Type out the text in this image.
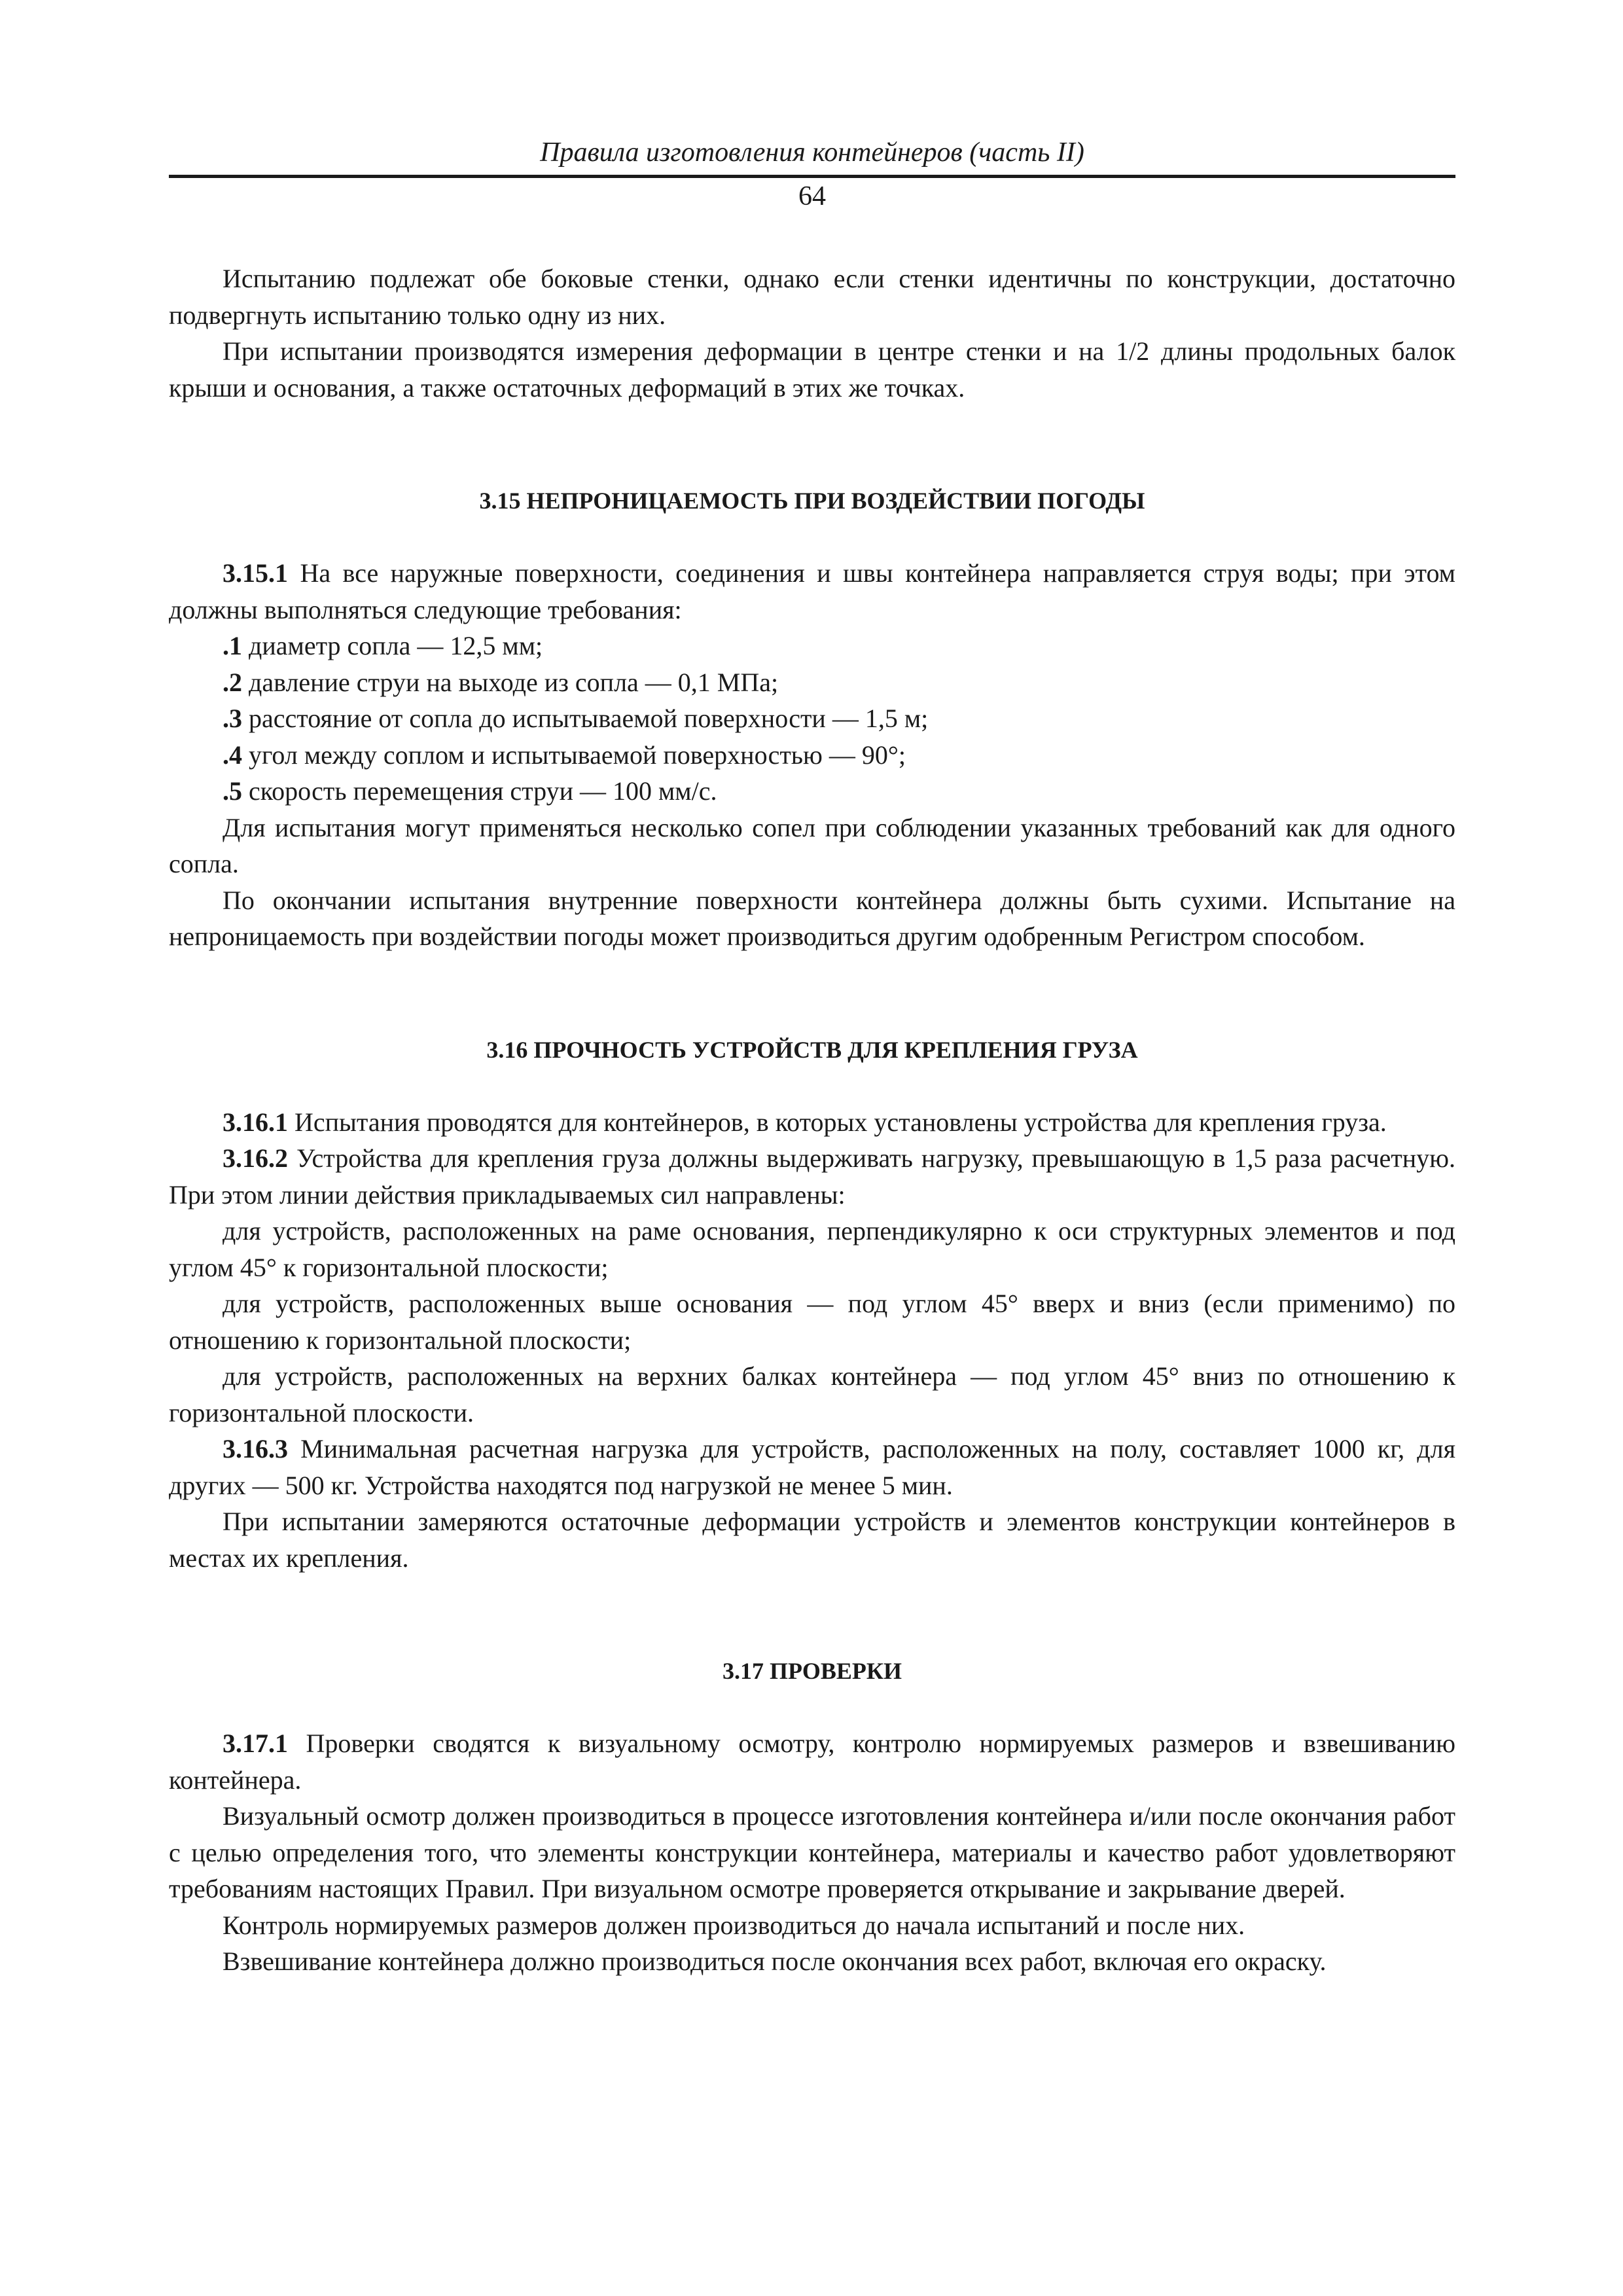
Правила изготовления контейнеров (часть II)
64

Испытанию подлежат обе боковые стенки, однако если стенки идентичны по конструкции, достаточно подвергнуть испытанию только одну из них.

При испытании производятся измерения деформации в центре стенки и на 1/2 длины продольных балок крыши и основания, а также остаточных деформаций в этих же точках.

3.15 НЕПРОНИЦАЕМОСТЬ ПРИ ВОЗДЕЙСТВИИ ПОГОДЫ

3.15.1 На все наружные поверхности, соединения и швы контейнера направляется струя воды; при этом должны выполняться следующие требования:

.1 диаметр сопла — 12,5 мм;

.2 давление струи на выходе из сопла — 0,1 МПа;

.3 расстояние от сопла до испытываемой поверхности — 1,5 м;

.4 угол между соплом и испытываемой поверхностью — 90°;

.5 скорость перемещения струи — 100 мм/с.

Для испытания могут применяться несколько сопел при соблюдении указанных требований как для одного сопла.

По окончании испытания внутренние поверхности контейнера должны быть сухими. Испытание на непроницаемость при воздействии погоды может производиться другим одобренным Регистром способом.

3.16 ПРОЧНОСТЬ УСТРОЙСТВ ДЛЯ КРЕПЛЕНИЯ ГРУЗА

3.16.1 Испытания проводятся для контейнеров, в которых установлены устройства для крепления груза.

3.16.2 Устройства для крепления груза должны выдерживать нагрузку, превышающую в 1,5 раза расчетную. При этом линии действия прикладываемых сил направлены:

для устройств, расположенных на раме основания, перпендикулярно к оси структурных элементов и под углом 45° к горизонтальной плоскости;

для устройств, расположенных выше основания — под углом 45° вверх и вниз (если применимо) по отношению к горизонтальной плоскости;

для устройств, расположенных на верхних балках контейнера — под углом 45° вниз по отношению к горизонтальной плоскости.

3.16.3 Минимальная расчетная нагрузка для устройств, расположенных на полу, составляет 1000 кг, для других — 500 кг. Устройства находятся под нагрузкой не менее 5 мин.

При испытании замеряются остаточные деформации устройств и элементов конструкции контейнеров в местах их крепления.

3.17 ПРОВЕРКИ

3.17.1 Проверки сводятся к визуальному осмотру, контролю нормируемых размеров и взвешиванию контейнера.

Визуальный осмотр должен производиться в процессе изготовления контейнера и/или после окончания работ с целью определения того, что элементы конструкции контейнера, материалы и качество работ удовлетворяют требованиям настоящих Правил. При визуальном осмотре проверяется открывание и закрывание дверей.

Контроль нормируемых размеров должен производиться до начала испытаний и после них.

Взвешивание контейнера должно производиться после окончания всех работ, включая его окраску.
